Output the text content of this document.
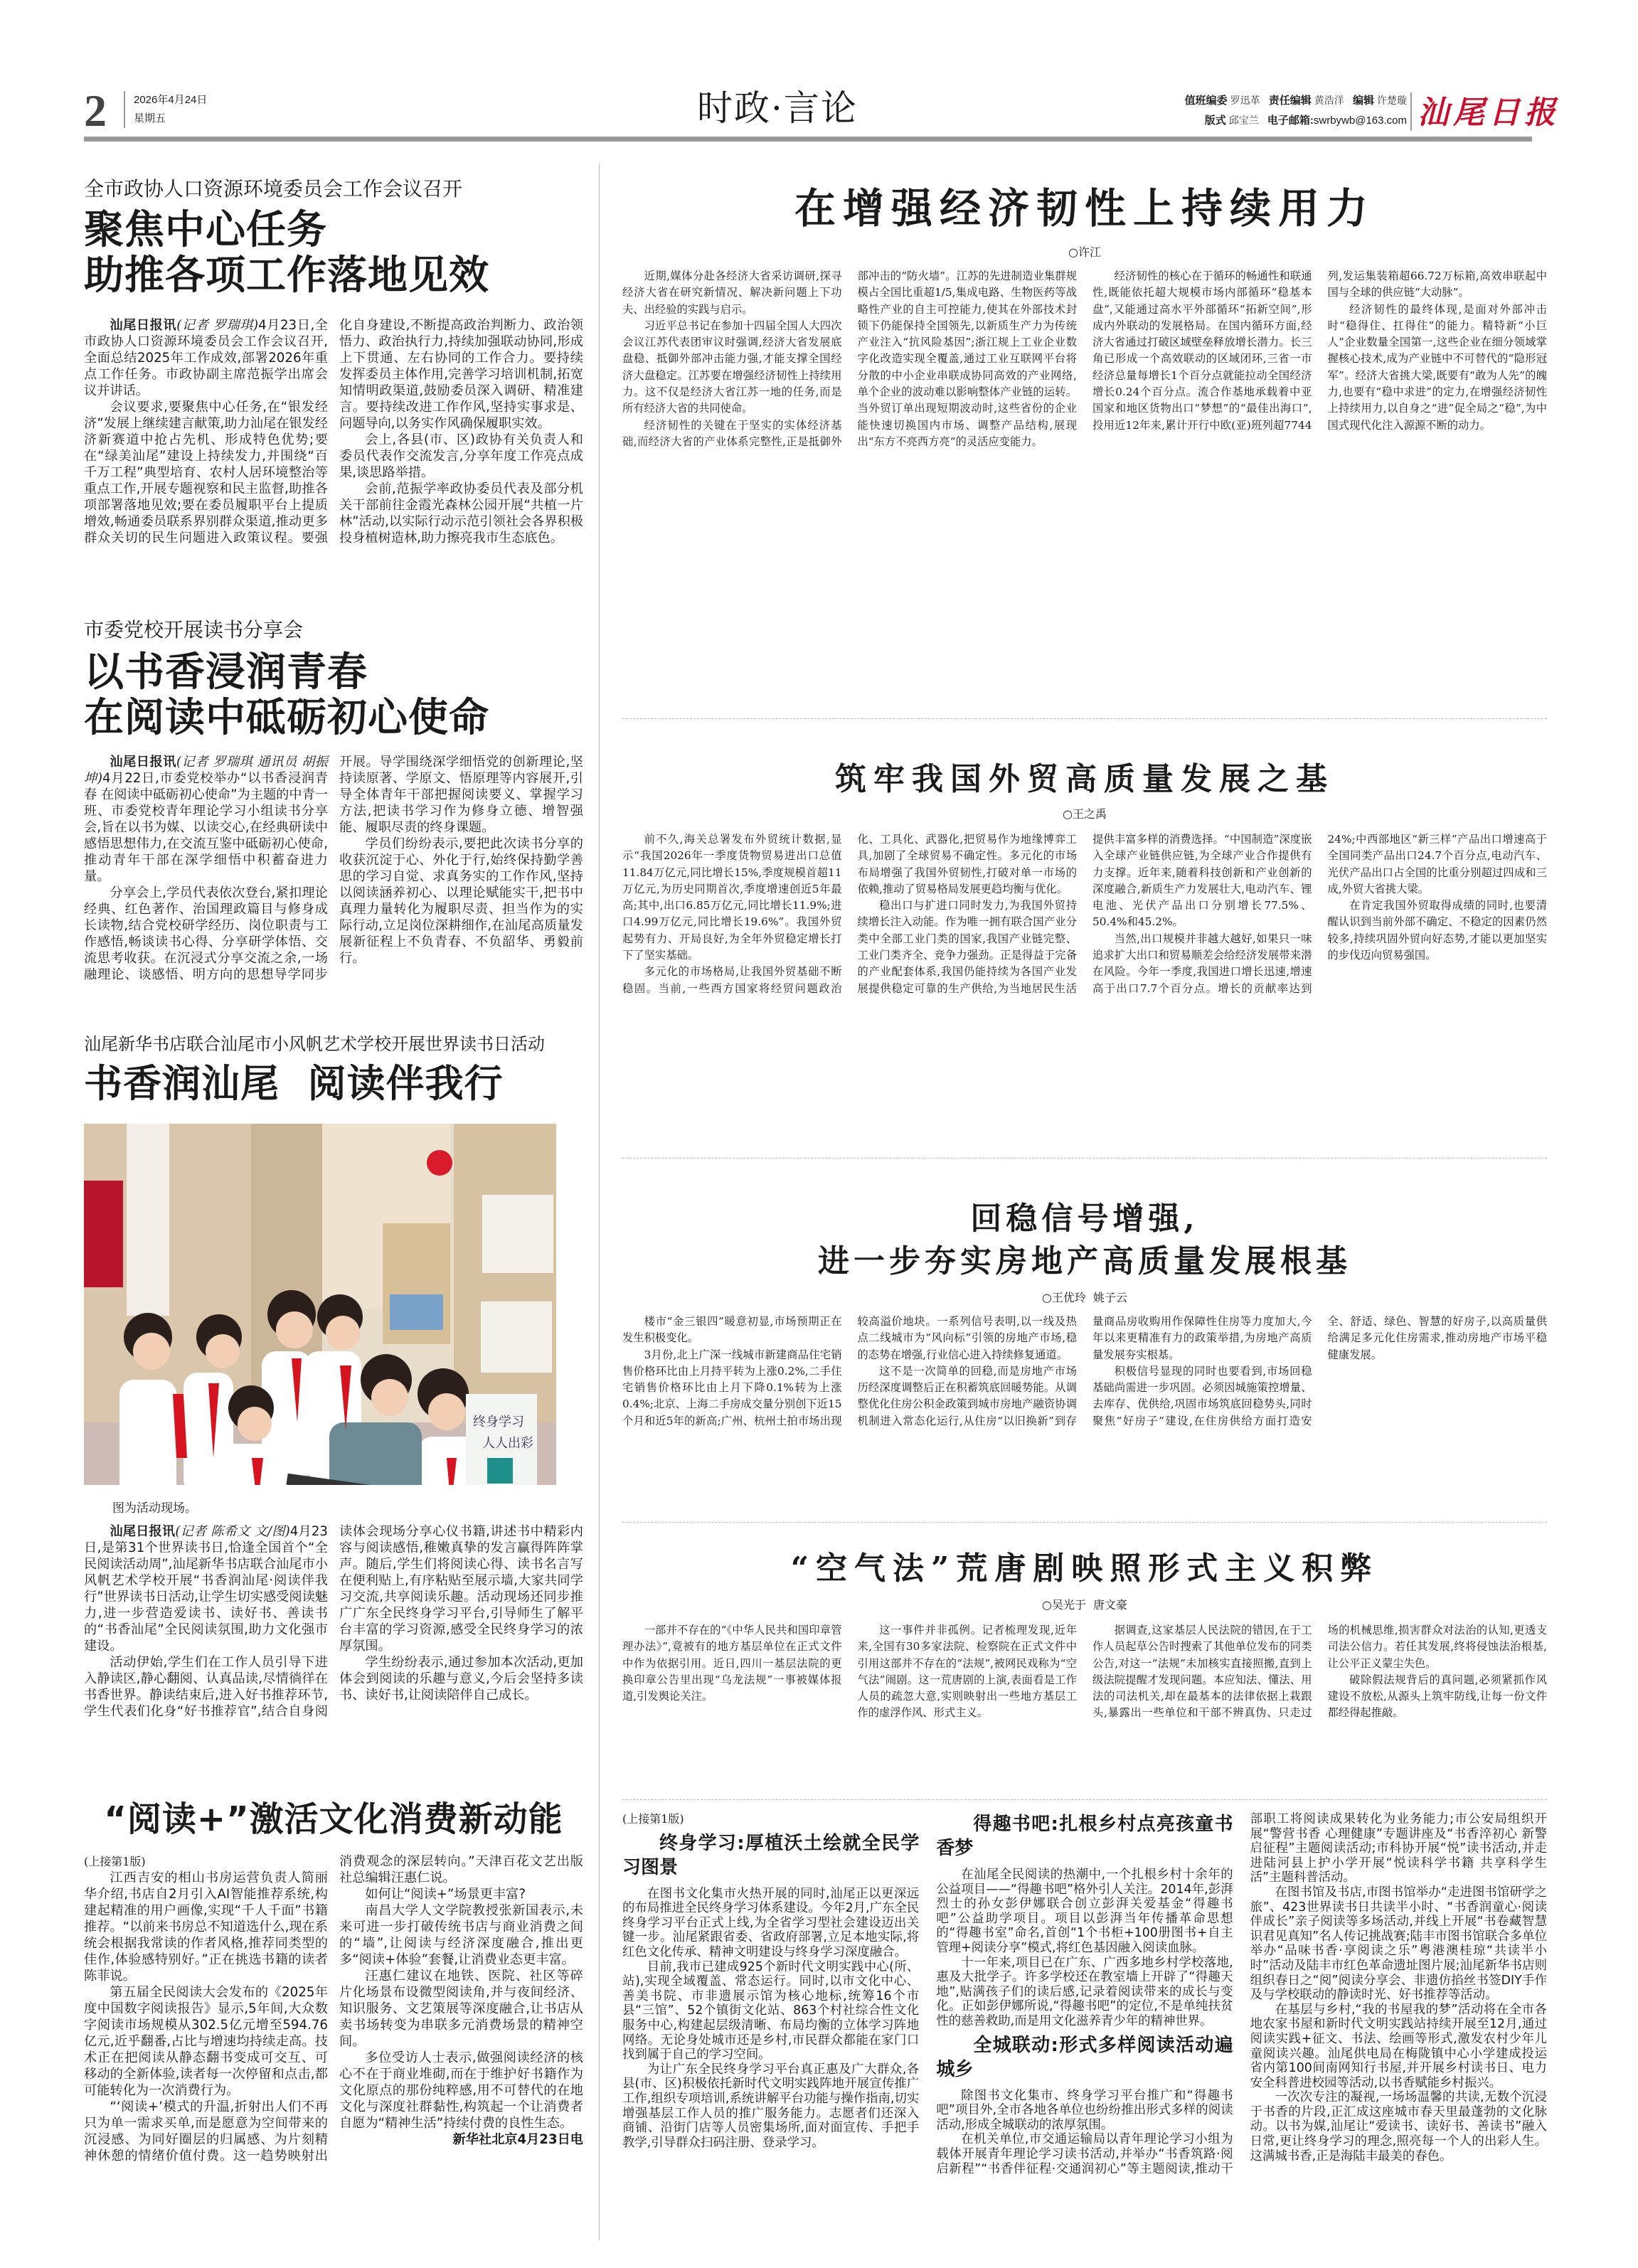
2	2026年4月24日
星期五	时政·言论	值班编委 罗迅革 责任编辑 黄浩洋 编辑 许楚璇
版式 邱宝兰 电子邮箱:swrbywb@163.com 汕尾日报
全市政协人口资源环境委员会工作会议召开
聚焦中心任务
助推各项工作落地见效

汕尾日报讯(记者 罗瑞琪)4月23日,全市政协人口资源环境委员会工作会议召开,全面总结2025年工作成效,部署2026年重点工作任务。市政协副主席范振学出席会议并讲话。

会议要求,要聚焦中心任务,在“银发经济”发展上继续建言献策,助力汕尾在银发经济新赛道中抢占先机、形成特色优势;要在“绿美汕尾”建设上持续发力,并围绕“百千万工程”典型培育、农村人居环境整治等重点工作,开展专题视察和民主监督,助推各项部署落地见效;要在委员履职平台上提质增效,畅通委员联系界别群众渠道,推动更多群众关切的民生问题进入政策议程。要强化自身建设,不断提高政治判断力、政治领悟力、政治执行力,持续加强联动协同,形成上下贯通、左右协同的工作合力。要持续发挥委员主体作用,完善学习培训机制,拓宽知情明政渠道,鼓励委员深入调研、精准建言。要持续改进工作作风,坚持实事求是、问题导向,以务实作风确保履职实效。

会上,各县(市、区)政协有关负责人和委员代表作交流发言,分享年度工作亮点成果,谈思路举措。

会前,范振学率政协委员代表及部分机关干部前往金霞光森林公园开展“共植一片林”活动,以实际行动示范引领社会各界积极投身植树造林,助力擦亮我市生态底色。

市委党校开展读书分享会
以书香浸润青春
在阅读中砥砺初心使命

汕尾日报讯(记者 罗瑞琪 通讯员 胡振坤)4月22日,市委党校举办“以书香浸润青春 在阅读中砥砺初心使命”为主题的中青一班、市委党校青年理论学习小组读书分享会,旨在以书为媒、以读交心,在经典研读中感悟思想伟力,在交流互鉴中砥砺初心使命,推动青年干部在深学细悟中积蓄奋进力量。

分享会上,学员代表依次登台,紧扣理论经典、红色著作、治国理政篇目与修身成长读物,结合党校研学经历、岗位职责与工作感悟,畅谈读书心得、分享研学体悟、交流思考收获。在沉浸式分享交流之余,一场融理论、谈感悟、明方向的思想导学同步开展。导学围绕深学细悟党的创新理论,坚持读原著、学原文、悟原理等内容展开,引导全体青年干部把握阅读要义、掌握学习方法,把读书学习作为修身立德、增智强能、履职尽责的终身课题。

学员们纷纷表示,要把此次读书分享的收获沉淀于心、外化于行,始终保持勤学善思的学习自觉、求真务实的工作作风,坚持以阅读涵养初心、以理论赋能实干,把书中真理力量转化为履职尽责、担当作为的实际行动,立足岗位深耕细作,在汕尾高质量发展新征程上不负青春、不负韶华、勇毅前行。

汕尾新华书店联合汕尾市小风帆艺术学校开展世界读书日活动
书香润汕尾  阅读伴我行
终身学习
人人出彩
图为活动现场。

汕尾日报讯(记者 陈希文 文/图)4月23日,是第31个世界读书日,恰逢全国首个“全民阅读活动周”,汕尾新华书店联合汕尾市小风帆艺术学校开展“书香润汕尾·阅读伴我行”世界读书日活动,让学生切实感受阅读魅力,进一步营造爱读书、读好书、善读书的“书香汕尾”全民阅读氛围,助力文化强市建设。

活动伊始,学生们在工作人员引导下进入静读区,静心翻阅、认真品读,尽情徜徉在书香世界。静读结束后,进入好书推荐环节,学生代表们化身“好书推荐官”,结合自身阅读体会现场分享心仪书籍,讲述书中精彩内容与阅读感悟,稚嫩真挚的发言赢得阵阵掌声。随后,学生们将阅读心得、读书名言写在便利贴上,有序粘贴至展示墙,大家共同学习交流,共享阅读乐趣。活动现场还同步推广广东全民终身学习平台,引导师生了解平台丰富的学习资源,感受全民终身学习的浓厚氛围。

学生纷纷表示,通过参加本次活动,更加体会到阅读的乐趣与意义,今后会坚持多读书、读好书,让阅读陪伴自己成长。

“阅读+”激活文化消费新动能
(上接第1版)

江西吉安的相山书房运营负责人简丽华介绍,书店自2月引入AI智能推荐系统,构建起精准的用户画像,实现“千人千面”书籍推荐。“以前来书房总不知道选什么,现在系统会根据我常读的作者风格,推荐同类型的佳作,体验感特别好。”正在挑选书籍的读者陈菲说。

第五届全民阅读大会发布的《2025年度中国数字阅读报告》显示,5年间,大众数字阅读市场规模从302.5亿元增至594.76亿元,近乎翻番,占比与增速均持续走高。技术正在把阅读从静态翻书变成可交互、可移动的全新体验,读者每一次停留和点击,都可能转化为一次消费行为。

“‘阅读+’模式的升温,折射出人们不再只为单一需求买单,而是愿意为空间带来的沉浸感、为同好圈层的归属感、为片刻精神休憩的情绪价值付费。这一趋势映射出消费观念的深层转向。”天津百花文艺出版社总编辑汪惠仁说。

如何让“阅读+”场景更丰富?

南昌大学人文学院教授张新国表示,未来可进一步打破传统书店与商业消费之间的“墙”,让阅读与经济深度融合,推出更多“阅读+体验”套餐,让消费业态更丰富。

汪惠仁建议在地铁、医院、社区等碎片化场景布设微型阅读角,并与夜间经济、知识服务、文艺策展等深度融合,让书店从卖书场转变为串联多元消费场景的精神空间。

多位受访人士表示,做强阅读经济的核心不在于商业堆砌,而在于维护好书籍作为文化原点的那份纯粹感,用不可替代的在地文化与深度社群黏性,构筑起一个让消费者自愿为“精神生活”持续付费的良性生态。

新华社北京4月23日电
在增强经济韧性上持续用力
○许江

近期,媒体分赴各经济大省采访调研,探寻经济大省在研究新情况、解决新问题上下功夫、出经验的实践与启示。

习近平总书记在参加十四届全国人大四次会议江苏代表团审议时强调,经济大省发展底盘稳、抵御外部冲击能力强,才能支撑全国经济大盘稳定。江苏要在增强经济韧性上持续用力。这不仅是经济大省江苏一地的任务,而是所有经济大省的共同使命。

经济韧性的关键在于坚实的实体经济基础,而经济大省的产业体系完整性,正是抵御外部冲击的“防火墙”。江苏的先进制造业集群规模占全国比重超1/5,集成电路、生物医药等战略性产业的自主可控能力,使其在外部技术封锁下仍能保持全国领先,以新质生产力为传统产业注入“抗风险基因”;浙江规上工业企业数字化改造实现全覆盖,通过工业互联网平台将分散的中小企业串联成协同高效的产业网络,单个企业的波动难以影响整体产业链的运转。当外贸订单出现短期波动时,这些省份的企业能快速切换国内市场、调整产品结构,展现出“东方不亮西方亮”的灵活应变能力。

经济韧性的核心在于循环的畅通性和联通性,既能依托超大规模市场内部循环“稳基本盘”,又能通过高水平外部循环“拓新空间”,形成内外联动的发展格局。在国内循环方面,经济大省通过打破区域壁垒释放增长潜力。长三角已形成一个高效联动的区域闭环,三省一市经济总量每增长1个百分点就能拉动全国经济增长0.24个百分点。流合作基地承载着中亚国家和地区货物出口“梦想”的“最佳出海口”,投用近12年来,累计开行中欧(亚)班列超7744列,发运集装箱超66.72万标箱,高效串联起中国与全球的供应链“大动脉”。

经济韧性的最终体现,是面对外部冲击时“稳得住、扛得住”的能力。精特新“小巨人”企业数量全国第一,这些企业在细分领域掌握核心技术,成为产业链中不可替代的“隐形冠军”。经济大省挑大梁,既要有“敢为人先”的魄力,也要有“稳中求进”的定力,在增强经济韧性上持续用力,以自身之“进”促全局之“稳”,为中国式现代化注入源源不断的动力。

筑牢我国外贸高质量发展之基
○王之禹

前不久,海关总署发布外贸统计数据,显示“我国2026年一季度货物贸易进出口总值11.84万亿元,同比增长15%,季度规模首超11万亿元,为历史同期首次,季度增速创近5年最高;其中,出口6.85万亿元,同比增长11.9%;进口4.99万亿元,同比增长19.6%”。我国外贸起势有力、开局良好,为全年外贸稳定增长打下了坚实基础。

多元化的市场格局,让我国外贸基础不断稳固。当前,一些西方国家将经贸问题政治化、工具化、武器化,把贸易作为地缘博弈工具,加剧了全球贸易不确定性。多元化的市场布局增强了我国外贸韧性,打破对单一市场的依赖,推动了贸易格局发展更趋均衡与优化。

稳出口与扩进口同时发力,为我国外贸持续增长注入动能。作为唯一拥有联合国产业分类中全部工业门类的国家,我国产业链完整、工业门类齐全、竞争力强劲。正是得益于完备的产业配套体系,我国仍能持续为各国产业发展提供稳定可靠的生产供给,为当地居民生活提供丰富多样的消费选择。“中国制造”深度嵌入全球产业链供应链,为全球产业合作提供有力支撑。近年来,随着科技创新和产业创新的深度融合,新质生产力发展壮大,电动汽车、锂电池、光伏产品出口分别增长77.5%、50.4%和45.2%。

当然,出口规模并非越大越好,如果只一味追求扩大出口和贸易顺差会给经济发展带来潜在风险。今年一季度,我国进口增长迅速,增速高于出口7.7个百分点。增长的贡献率达到24%;中西部地区“新三样”产品出口增速高于全国同类产品出口24.7个百分点,电动汽车、光伏产品出口占全国的比重分别超过四成和三成,外贸大省挑大梁。

在肯定我国外贸取得成绩的同时,也要清醒认识到当前外部不确定、不稳定的因素仍然较多,持续巩固外贸向好态势,才能以更加坚实的步伐迈向贸易强国。

回稳信号增强,
进一步夯实房地产高质量发展根基
○王优玲  姚子云

楼市“金三银四”暖意初显,市场预期正在发生积极变化。

3月份,北上广深一线城市新建商品住宅销售价格环比由上月持平转为上涨0.2%,二手住宅销售价格环比由上月下降0.1%转为上涨0.4%;北京、上海二手房成交量分别创下近15个月和近5年的新高;广州、杭州土拍市场出现较高溢价地块。一系列信号表明,以一线及热点二线城市为“风向标”引领的房地产市场,稳的态势在增强,行业信心进入持续修复通道。

这不是一次简单的回稳,而是房地产市场历经深度调整后正在积蓄筑底回暖势能。从调整优化住房公积金政策到城市房地产融资协调机制进入常态化运行,从住房“以旧换新”到存量商品房收购用作保障性住房等力度加大,今年以来更精准有力的政策举措,为房地产高质量发展夯实根基。

积极信号显现的同时也要看到,市场回稳基础尚需进一步巩固。必须因城施策控增量、去库存、优供给,巩固市场筑底回稳势头,同时聚焦“好房子”建设,在住房供给方面打造安全、舒适、绿色、智慧的好房子,以高质量供给满足多元化住房需求,推动房地产市场平稳健康发展。

“空气法”荒唐剧映照形式主义积弊
○吴光于  唐文豪

一部并不存在的“《中华人民共和国印章管理办法》”,竟被有的地方基层单位在正式文件中作为依据引用。近日,四川一基层法院的更换印章公告里出现“乌龙法规”一事被媒体报道,引发舆论关注。

这一事件并非孤例。记者梳理发现,近年来,全国有30多家法院、检察院在正式文件中引用这部并不存在的“法规”,被网民戏称为“空气法”闹剧。这一荒唐剧的上演,表面看是工作人员的疏忽大意,实则映射出一些地方基层工作的虚浮作风、形式主义。

据调查,这家基层人民法院的错因,在于工作人员起草公告时搜索了其他单位发布的同类公告,对这一“法规”未加核实直接照搬,直到上级法院提醒才发现问题。本应知法、懂法、用法的司法机关,却在最基本的法律依据上栽跟头,暴露出一些单位和干部不辨真伪、只走过场的机械思维,损害群众对法治的认知,更透支司法公信力。若任其发展,终将侵蚀法治根基,让公平正义蒙尘失色。

破除假法规背后的真问题,必须紧抓作风建设不放松,从源头上筑牢防线,让每一份文件都经得起推敲。

(上接第1版)
终身学习:厚植沃土绘就全民学习图景

在图书文化集市火热开展的同时,汕尾正以更深远的布局推进全民终身学习体系建设。今年2月,广东全民终身学习平台正式上线,为全省学习型社会建设迈出关键一步。汕尾紧跟省委、省政府部署,立足本地实际,将红色文化传承、精神文明建设与终身学习深度融合。

目前,我市已建成925个新时代文明实践中心(所、站),实现全域覆盖、常态运行。同时,以市文化中心、善美书院、市非遗展示馆为核心地标,统筹16个市县“三馆”、52个镇街文化站、863个村社综合性文化服务中心,构建起层级清晰、布局均衡的立体学习阵地网络。无论身处城市还是乡村,市民群众都能在家门口找到属于自己的学习空间。

为让广东全民终身学习平台真正惠及广大群众,各县(市、区)积极依托新时代文明实践阵地开展宣传推广工作,组织专项培训,系统讲解平台功能与操作指南,切实增强基层工作人员的推广服务能力。志愿者们还深入商铺、沿街门店等人员密集场所,面对面宣传、手把手教学,引导群众扫码注册、登录学习。

得趣书吧:扎根乡村点亮孩童书香梦

在汕尾全民阅读的热潮中,一个扎根乡村十余年的公益项目——“得趣书吧”格外引人关注。2014年,彭湃烈士的孙女彭伊娜联合创立彭湃关爱基金“得趣书吧”公益助学项目。项目以彭湃当年传播革命思想的“得趣书室”命名,首创“1个书柜+100册图书+自主管理+阅读分享”模式,将红色基因融入阅读血脉。

十一年来,项目已在广东、广西多地乡村学校落地,惠及大批学子。许多学校还在教室墙上开辟了“得趣天地”,贴满孩子们的读后感,记录着阅读带来的成长与变化。正如彭伊娜所说,“得趣书吧”的定位,不是单纯扶贫性的慈善救助,而是用文化滋养青少年的精神世界。

全城联动:形式多样阅读活动遍城乡

除图书文化集市、终身学习平台推广和“得趣书吧”项目外,全市各地各单位也纷纷推出形式多样的阅读活动,形成全城联动的浓厚氛围。

在机关单位,市交通运输局以青年理论学习小组为载体开展青年理论学习读书活动,并举办“书香筑路·阅启新程”“书香伴征程·交通润初心”等主题阅读,推动干部职工将阅读成果转化为业务能力;市公安局组织开展“警营书香 心理健康”专题讲座及“书香淬初心 新警启征程”主题阅读活动;市科协开展“悦”读书活动,并走进陆河县上护小学开展“悦读科学书籍 共享科学生活”主题科普活动。

在图书馆及书店,市图书馆举办“走进图书馆研学之旅”、423世界读书日共读半小时、“书香润童心·阅读伴成长”亲子阅读等多场活动,并线上开展“书卷藏智慧 识君见真知”名人传记挑战赛;陆丰市图书馆联合多单位举办“品味书香·享阅读之乐”粤港澳桂琼“共读半小时”活动及陆丰市红色革命遗址图片展;汕尾新华书店则组织春日之“阅”阅读分享会、非遗仿掐丝书签DIY手作及与学校联动的静读时光、好书推荐等活动。

在基层与乡村,“我的书屋我的梦”活动将在全市各地农家书屋和新时代文明实践站持续开展至12月,通过阅读实践+征文、书法、绘画等形式,激发农村少年儿童阅读兴趣。汕尾供电局在梅陇镇中心小学建成投运省内第100间南网知行书屋,并开展乡村读书日、电力安全科普进校园等活动,以书香赋能乡村振兴。

一次次专注的凝视,一场场温馨的共读,无数个沉浸于书香的片段,正汇成这座城市春天里最蓬勃的文化脉动。以书为媒,汕尾让“爱读书、读好书、善读书”融入日常,更让终身学习的理念,照亮每一个人的出彩人生。这满城书香,正是海陆丰最美的春色。
